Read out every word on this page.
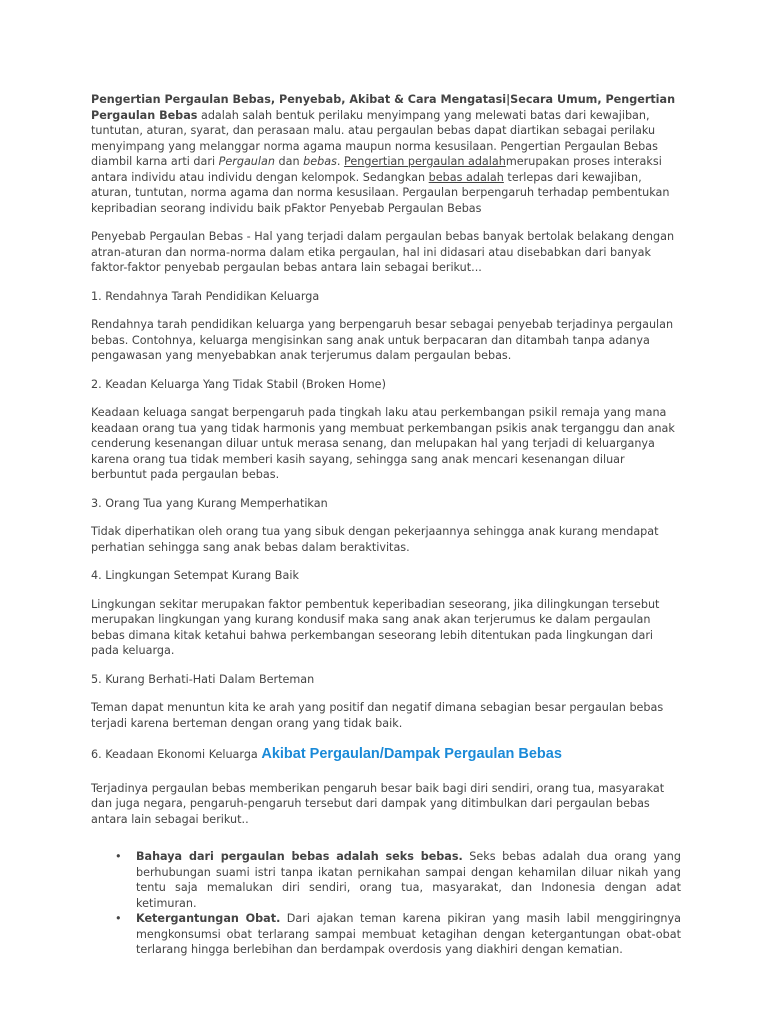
Pengertian Pergaulan Bebas, Penyebab, Akibat & Cara Mengatasi|Secara Umum, Pengertian Pergaulan Bebas adalah salah bentuk perilaku menyimpang yang melewati batas dari kewajiban, tuntutan, aturan, syarat, dan perasaan malu. atau pergaulan bebas dapat diartikan sebagai perilaku menyimpang yang melanggar norma agama maupun norma kesusilaan. Pengertian Pergaulan Bebas diambil karna arti dari Pergaulan dan bebas. Pengertian pergaulan adalahmerupakan proses interaksi antara individu atau individu dengan kelompok. Sedangkan bebas adalah terlepas dari kewajiban, aturan, tuntutan, norma agama dan norma kesusilaan. Pergaulan berpengaruh terhadap pembentukan kepribadian seorang individu baik pFaktor Penyebab Pergaulan Bebas

Penyebab Pergaulan Bebas - Hal yang terjadi dalam pergaulan bebas banyak bertolak belakang dengan atran-aturan dan norma-norma dalam etika pergaulan, hal ini didasari atau disebabkan dari banyak faktor-faktor penyebab pergaulan bebas antara lain sebagai berikut...

1. Rendahnya Tarah Pendidikan Keluarga

Rendahnya tarah pendidikan keluarga yang berpengaruh besar sebagai penyebab terjadinya pergaulan bebas. Contohnya, keluarga mengisinkan sang anak untuk berpacaran dan ditambah tanpa adanya pengawasan yang menyebabkan anak terjerumus dalam pergaulan bebas.

2. Keadan Keluarga Yang Tidak Stabil (Broken Home)

Keadaan keluaga sangat berpengaruh pada tingkah laku atau perkembangan psikil remaja yang mana keadaan orang tua yang tidak harmonis yang membuat perkembangan psikis anak terganggu dan anak cenderung kesenangan diluar untuk merasa senang, dan melupakan hal yang terjadi di keluarganya karena orang tua tidak memberi kasih sayang, sehingga sang anak mencari kesenangan diluar berbuntut pada pergaulan bebas.

3. Orang Tua yang Kurang Memperhatikan

Tidak diperhatikan oleh orang tua yang sibuk dengan pekerjaannya sehingga anak kurang mendapat perhatian sehingga sang anak bebas dalam beraktivitas.

4. Lingkungan Setempat Kurang Baik

Lingkungan sekitar merupakan faktor pembentuk keperibadian seseorang, jika dilingkungan tersebut merupakan lingkungan yang kurang kondusif maka sang anak akan terjerumus ke dalam pergaulan bebas dimana kitak ketahui bahwa perkembangan seseorang lebih ditentukan pada lingkungan dari pada keluarga.

5. Kurang Berhati-Hati Dalam Berteman

Teman dapat menuntun kita ke arah yang positif dan negatif dimana sebagian besar pergaulan bebas terjadi karena berteman dengan orang yang tidak baik.

6. Keadaan Ekonomi Keluarga Akibat Pergaulan/Dampak Pergaulan Bebas

Terjadinya pergaulan bebas memberikan pengaruh besar baik bagi diri sendiri, orang tua, masyarakat dan juga negara, pengaruh-pengaruh tersebut dari dampak yang ditimbulkan dari pergaulan bebas antara lain sebagai berikut..

• Bahaya dari pergaulan bebas adalah seks bebas. Seks bebas adalah dua orang yang berhubungan suami istri tanpa ikatan pernikahan sampai dengan kehamilan diluar nikah yang tentu saja memalukan diri sendiri, orang tua, masyarakat, dan Indonesia dengan adat ketimuran.
• Ketergantungan Obat. Dari ajakan teman karena pikiran yang masih labil menggiringnya mengkonsumsi obat terlarang sampai membuat ketagihan dengan ketergantungan obat-obat terlarang hingga berlebihan dan berdampak overdosis yang diakhiri dengan kematian.
